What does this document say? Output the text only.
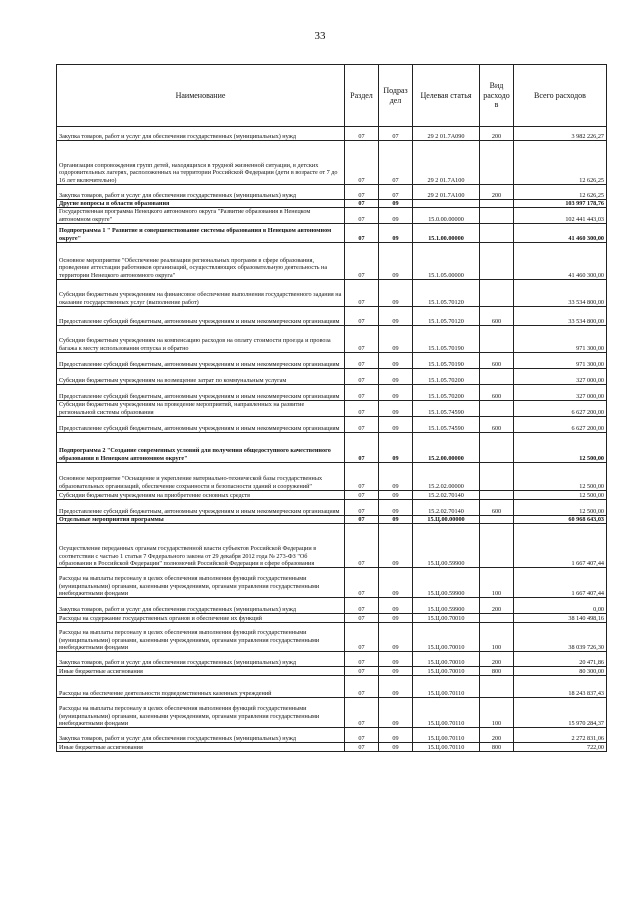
33
Наименование	Раздел	Подраз дел	Целевая статья	Вид расходо в	Всего расходов
Закупка товаров, работ и услуг для обеспечения государственных (муниципальных) нужд	07	07	29 2 01.7А090	200	3 982 226,27
Организация сопровождения групп детей, находящихся в трудной жизненной ситуации, в детских оздоровительных лагерях, расположенных на территории Российской Федерации (дети в возрасте от 7 до 16 лет включительно)	07	07	29 2 01.7А100		12 626,25
Закупка товаров, работ и услуг для обеспечения государственных (муниципальных) нужд	07	07	29 2 01.7А100	200	12 626,25
Другие вопросы в области образования	07	09			103 997 178,76
Государственная программа Ненецкого автономного округа "Развитие образования в Ненецком автономном округе"	07	09	15.0.00.00000		102 441 443,03
Подпрограмма 1 " Развитие и совершенствование системы образования в Ненецком автономном округе"	07	09	15.1.00.00000		41 460 300,00
Основное мероприятие "Обеспечение реализации региональных программ в сфере образования, проведение аттестации работников организаций, осуществляющих образовательную деятельность на территории Ненецкого автономного округа"	07	09	15.1.05.00000		41 460 300,00
Субсидии бюджетным учреждениям на финансовое обеспечение выполнения государственного задания на оказание государственных услуг (выполнение работ)	07	09	15.1.05.70120		33 534 800,00
Предоставление субсидий бюджетным, автономным учреждениям и иным некоммерческим организациям	07	09	15.1.05.70120	600	33 534 800,00
Субсидии бюджетным учреждениям на компенсацию расходов на оплату стоимости проезда и провоза багажа к месту использования отпуска и обратно	07	09	15.1.05.70190		971 300,00
Предоставление субсидий бюджетным, автономным учреждениям и иным некоммерческим организациям	07	09	15.1.05.70190	600	971 300,00
Субсидии бюджетным учреждениям на возмещение затрат по коммунальным услугам	07	09	15.1.05.70200		327 000,00
Предоставление субсидий бюджетным, автономным учреждениям и иным некоммерческим организациям	07	09	15.1.05.70200	600	327 000,00
Субсидии бюджетным учреждениям на проведение мероприятий, направленных на развитие региональной системы образования	07	09	15.1.05.74590		6 627 200,00
Предоставление субсидий бюджетным, автономным учреждениям и иным некоммерческим организациям	07	09	15.1.05.74590	600	6 627 200,00
Подпрограмма 2 "Создание современных условий для получения общедоступного качественного образования в Ненецком автономном округе"	07	09	15.2.00.00000		12 500,00
Основное мероприятие "Оснащение и укрепление материально-технической базы государственных образовательных организаций, обеспечение сохранности и безопасности зданий и сооружений"	07	09	15.2.02.00000		12 500,00
Субсидии бюджетным учреждениям на приобретение основных средств	07	09	15.2.02.70140		12 500,00
Предоставление субсидий бюджетным, автономным учреждениям и иным некоммерческим организациям	07	09	15.2.02.70140	600	12 500,00
Отдельные мероприятия программы	07	09	15.Ц.00.00000		60 968 643,03
Осуществление переданных органам государственной власти субъектов Российской Федерации в соответствии с частью 1 статьи 7 Федерального закона от 29 декабря 2012 года № 273-ФЗ "Об образовании в Российской Федерации" полномочий Российской Федерации в сфере образования	07	09	15.Ц.00.59900		1 667 407,44
Расходы на выплаты персоналу в целях обеспечения выполнения функций государственными (муниципальными) органами, казенными учреждениями, органами управления государственными внебюджетными фондами	07	09	15.Ц.00.59900	100	1 667 407,44
Закупка товаров, работ и услуг для обеспечения государственных (муниципальных) нужд	07	09	15.Ц.00.59900	200	0,00
Расходы на содержание государственных органов и обеспечение их функций	07	09	15.Ц.00.70010		38 140 498,16
Расходы на выплаты персоналу в целях обеспечения выполнения функций государственными (муниципальными) органами, казенными учреждениями, органами управления государственными внебюджетными фондами	07	09	15.Ц.00.70010	100	38 039 726,30
Закупка товаров, работ и услуг для обеспечения государственных (муниципальных) нужд	07	09	15.Ц.00.70010	200	20 471,86
Иные бюджетные ассигнования	07	09	15.Ц.00.70010	800	80 300,00
Расходы на обеспечение деятельности подведомственных казенных учреждений	07	09	15.Ц.00.70110		18 243 837,43
Расходы на выплаты персоналу в целях обеспечения выполнения функций государственными (муниципальными) органами, казенными учреждениями, органами управления государственными внебюджетными фондами	07	09	15.Ц.00.70110	100	15 970 284,37
Закупка товаров, работ и услуг для обеспечения государственных (муниципальных) нужд	07	09	15.Ц.00.70110	200	2 272 831,06
Иные бюджетные ассигнования	07	09	15.Ц.00.70110	800	722,00
